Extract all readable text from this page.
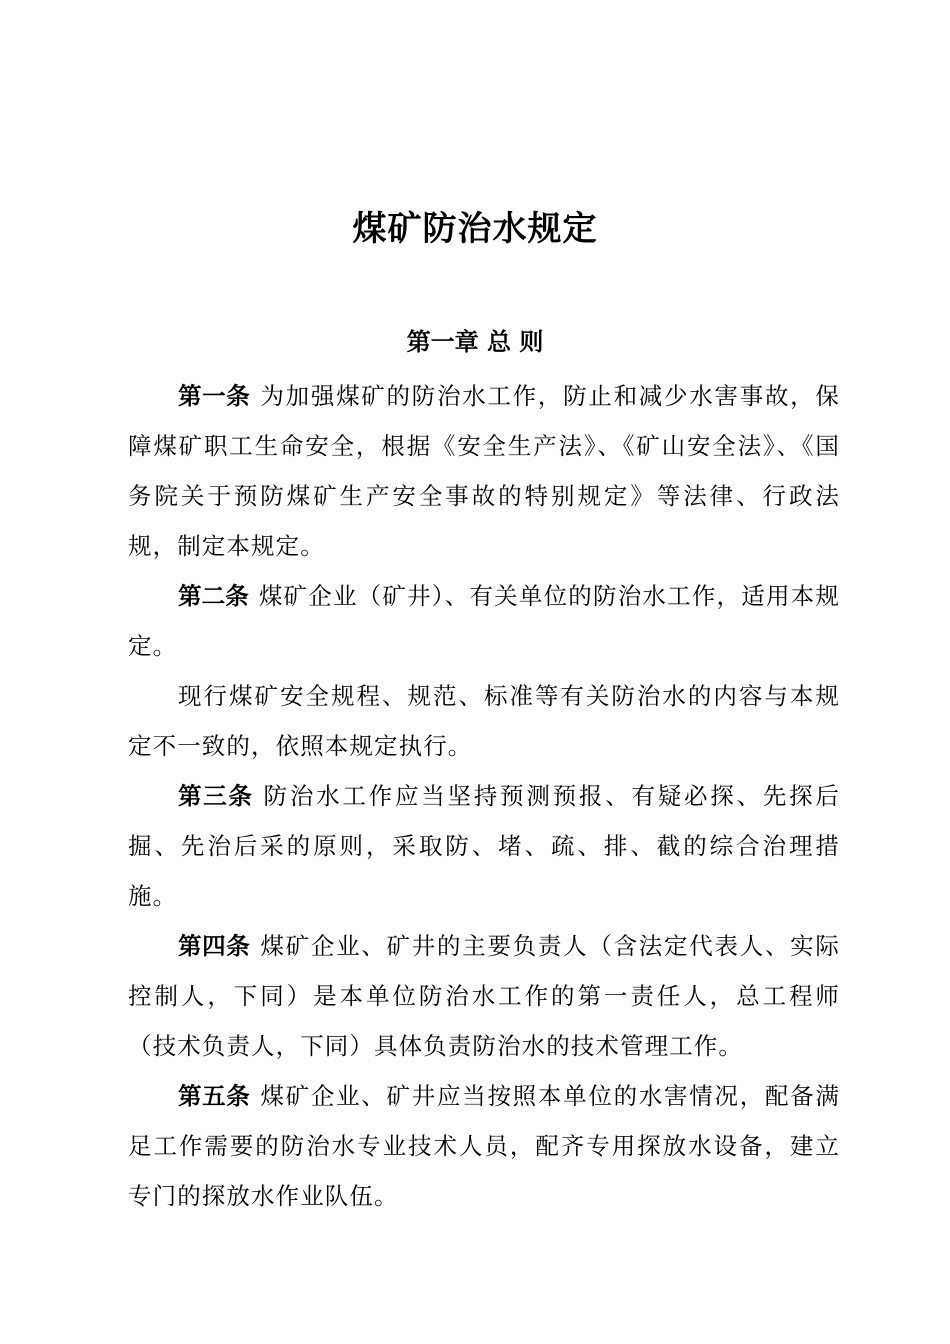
煤矿防治水规定
第一章 总 则

第一条 为加强煤矿的防治水工作，防止和减少水害事故，保障煤矿职工生命安全，根据《安全生产法》、《矿山安全法》、《国务院关于预防煤矿生产安全事故的特别规定》等法律、行政法规，制定本规定。

第二条 煤矿企业（矿井）、有关单位的防治水工作，适用本规定。

现行煤矿安全规程、规范、标准等有关防治水的内容与本规定不一致的，依照本规定执行。

第三条 防治水工作应当坚持预测预报、有疑必探、先探后掘、先治后采的原则，采取防、堵、疏、排、截的综合治理措施。

第四条 煤矿企业、矿井的主要负责人（含法定代表人、实际控制人，下同）是本单位防治水工作的第一责任人，总工程师（技术负责人，下同）具体负责防治水的技术管理工作。

第五条 煤矿企业、矿井应当按照本单位的水害情况，配备满足工作需要的防治水专业技术人员，配齐专用探放水设备，建立专门的探放水作业队伍。
